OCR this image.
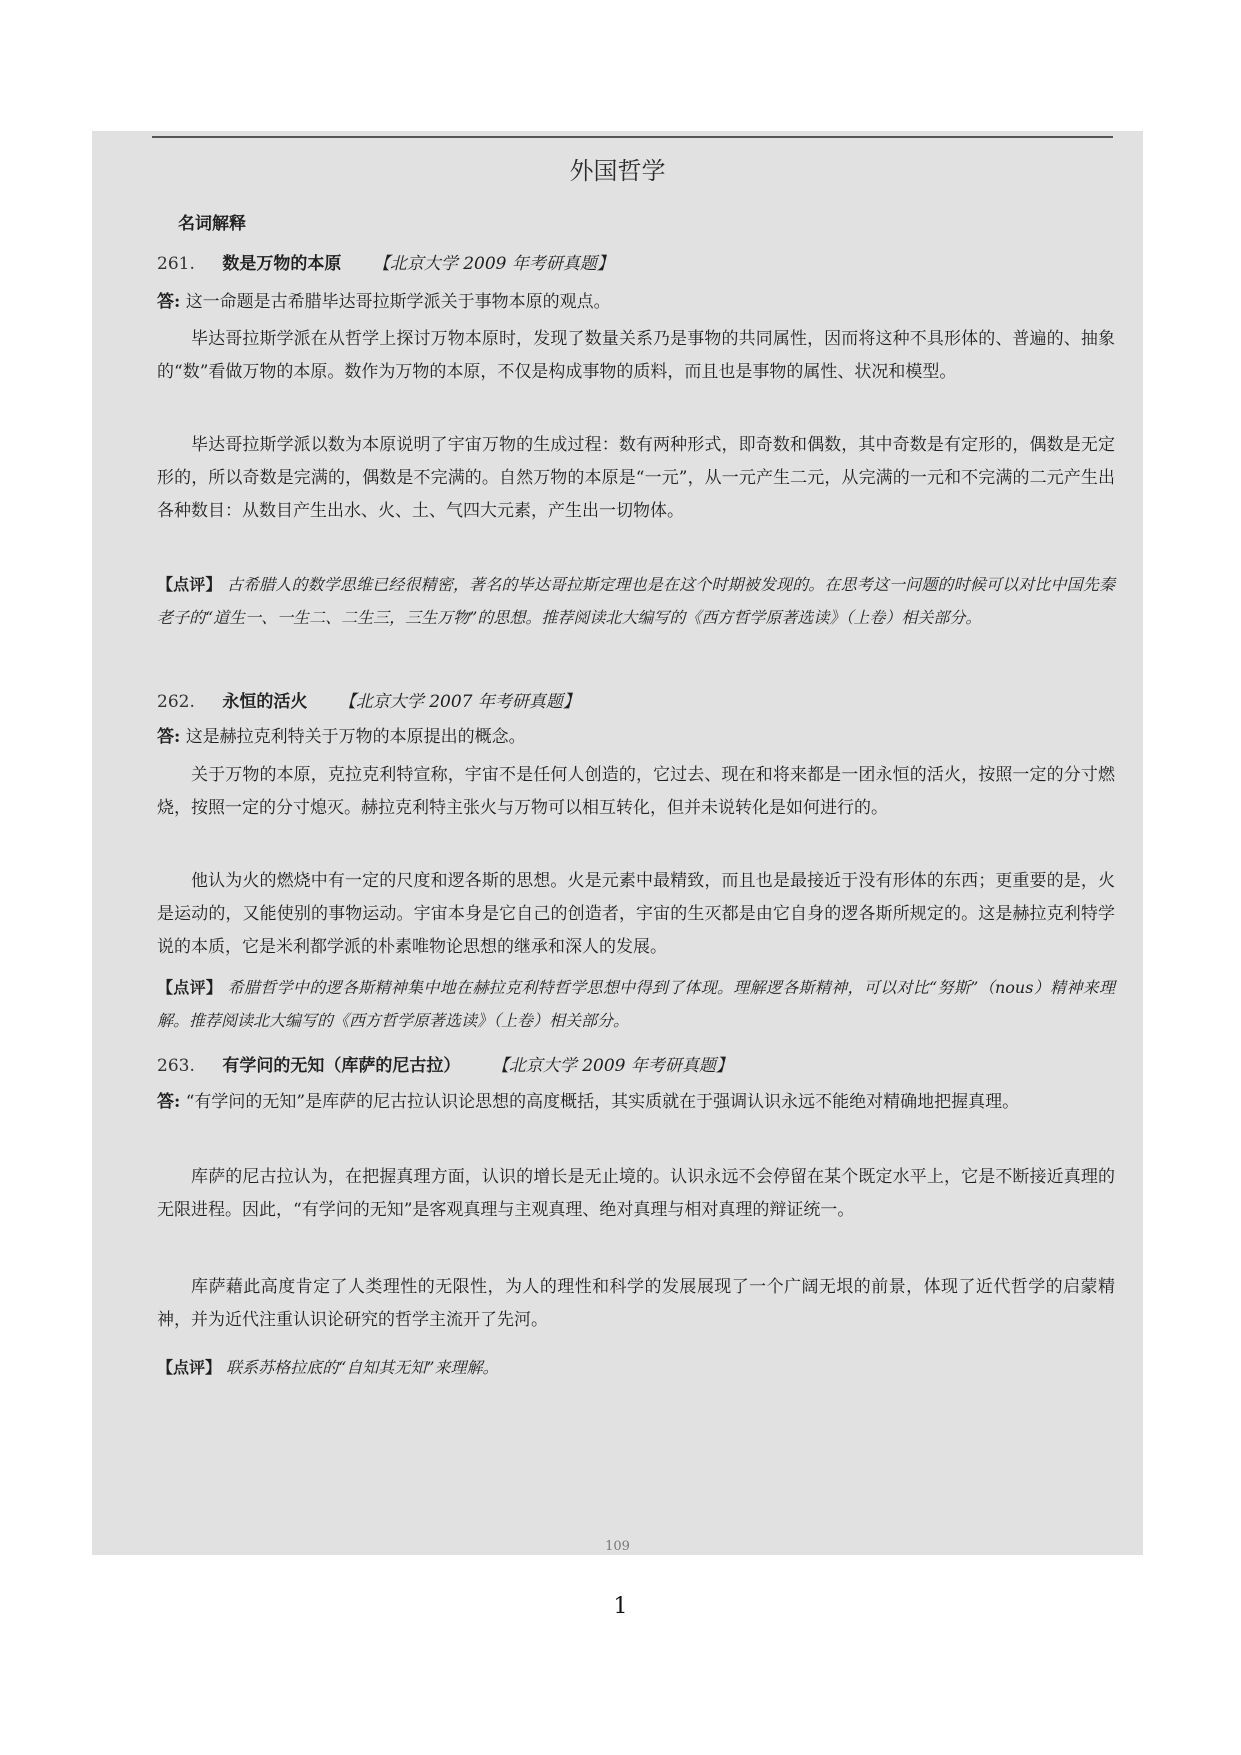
外国哲学
名词解释
261. 数是万物的本原 【北京大学 2009 年考研真题】

答: 这一命题是古希腊毕达哥拉斯学派关于事物本原的观点。

毕达哥拉斯学派在从哲学上探讨万物本原时，发现了数量关系乃是事物的共同属性，因而将这种不具形体的、普遍的、抽象的“数”看做万物的本原。数作为万物的本原，不仅是构成事物的质料，而且也是事物的属性、状况和模型。

毕达哥拉斯学派以数为本原说明了宇宙万物的生成过程：数有两种形式，即奇数和偶数，其中奇数是有定形的，偶数是无定形的，所以奇数是完满的，偶数是不完满的。自然万物的本原是“一元”，从一元产生二元，从完满的一元和不完满的二元产生出各种数目：从数目产生出水、火、土、气四大元素，产生出一切物体。

【点评】 古希腊人的数学思维已经很精密，著名的毕达哥拉斯定理也是在这个时期被发现的。在思考这一问题的时候可以对比中国先秦老子的“道生一、一生二、二生三，三生万物”的思想。推荐阅读北大编写的《西方哲学原著选读》（上卷）相关部分。

262. 永恒的活火 【北京大学 2007 年考研真题】

答: 这是赫拉克利特关于万物的本原提出的概念。

关于万物的本原，克拉克利特宣称，宇宙不是任何人创造的，它过去、现在和将来都是一团永恒的活火，按照一定的分寸燃烧，按照一定的分寸熄灭。赫拉克利特主张火与万物可以相互转化，但并未说转化是如何进行的。

他认为火的燃烧中有一定的尺度和逻各斯的思想。火是元素中最精致，而且也是最接近于没有形体的东西；更重要的是，火是运动的，又能使别的事物运动。宇宙本身是它自己的创造者，宇宙的生灭都是由它自身的逻各斯所规定的。这是赫拉克利特学说的本质，它是米利都学派的朴素唯物论思想的继承和深人的发展。

【点评】 希腊哲学中的逻各斯精神集中地在赫拉克利特哲学思想中得到了体现。理解逻各斯精神，可以对比“努斯”（nous）精神来理解。推荐阅读北大编写的《西方哲学原著选读》（上卷）相关部分。

263. 有学问的无知（库萨的尼古拉） 【北京大学 2009 年考研真题】

答: “有学问的无知”是库萨的尼古拉认识论思想的高度概括，其实质就在于强调认识永远不能绝对精确地把握真理。

库萨的尼古拉认为，在把握真理方面，认识的增长是无止境的。认识永远不会停留在某个既定水平上，它是不断接近真理的无限进程。因此，“有学问的无知”是客观真理与主观真理、绝对真理与相对真理的辩证统一。

库萨藉此高度肯定了人类理性的无限性，为人的理性和科学的发展展现了一个广阔无垠的前景，体现了近代哲学的启蒙精神，并为近代注重认识论研究的哲学主流开了先河。

【点评】 联系苏格拉底的“自知其无知”来理解。

109
1
